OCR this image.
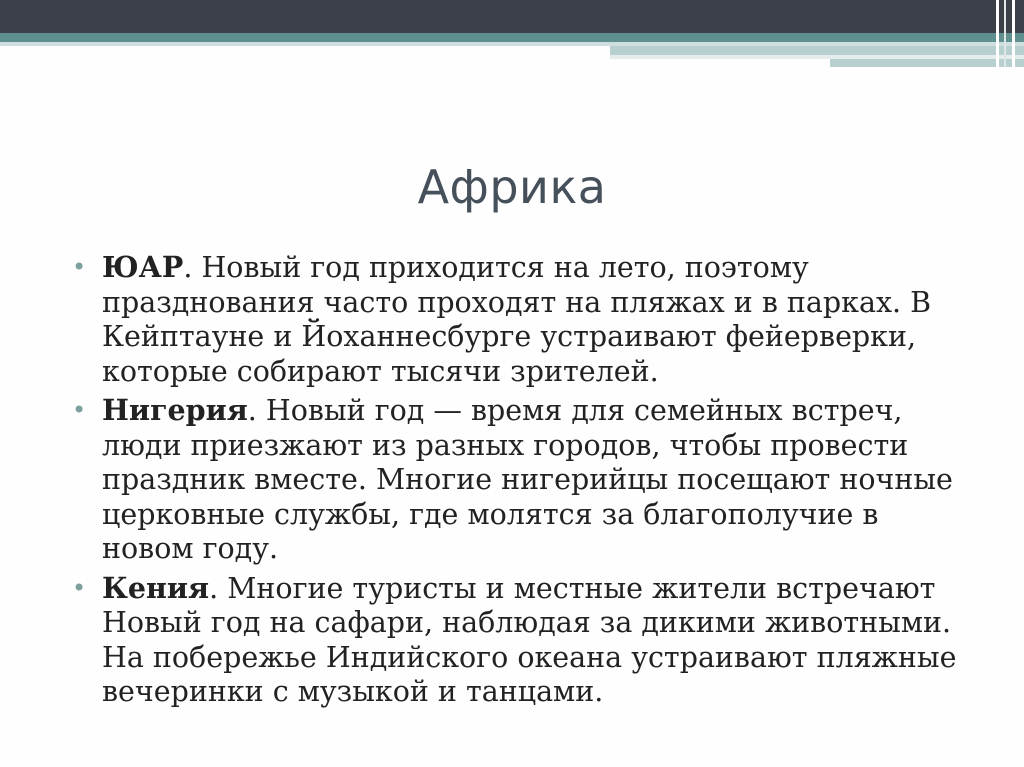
Африка
• ЮАР. Новый год приходится на лето, поэтому празднования часто проходят на пляжах и в парках. В Кейптауне и Йоханнесбурге устраивают фейерверки, которые собирают тысячи зрителей.
• Нигерия. Новый год — время для семейных встреч, люди приезжают из разных городов, чтобы провести праздник вместе. Многие нигерийцы посещают ночные церковные службы, где молятся за благополучие в новом году.
• Кения. Многие туристы и местные жители встречают Новый год на сафари, наблюдая за дикими животными. На побережье Индийского океана устраивают пляжные вечеринки с музыкой и танцами.
